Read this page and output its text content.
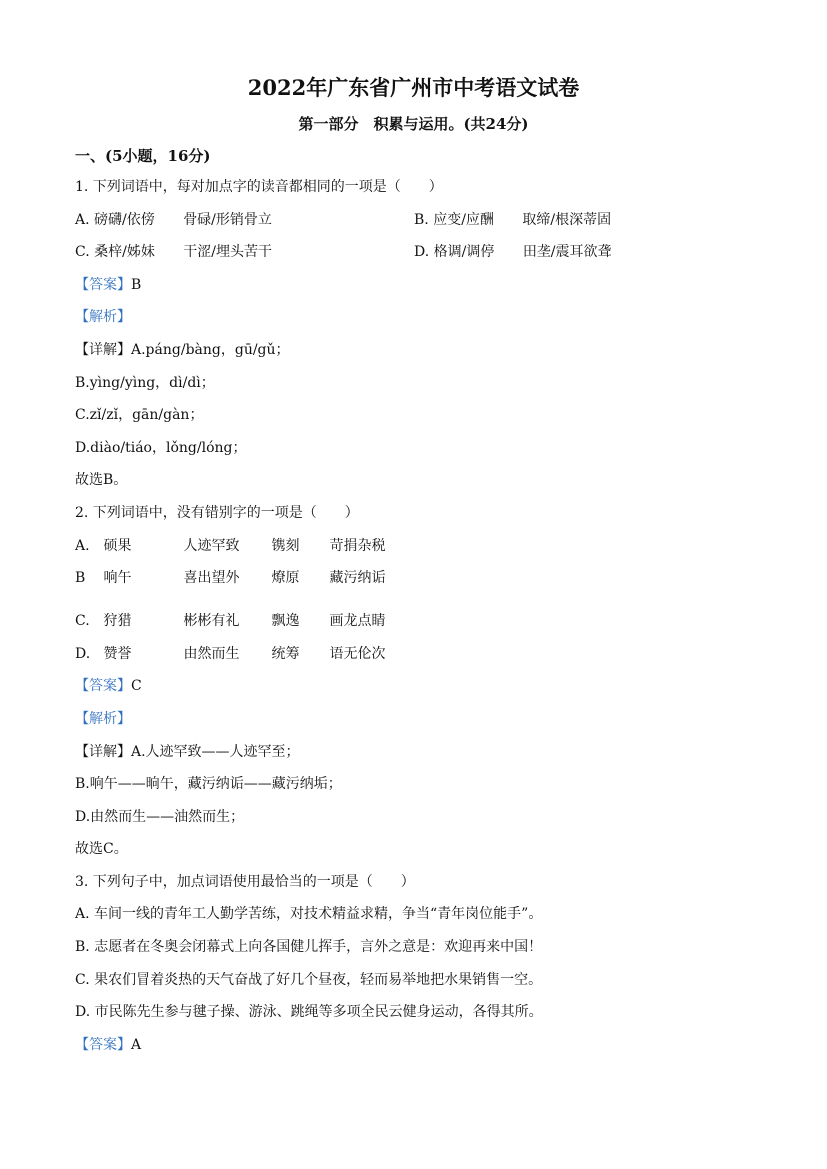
2022年广东省广州市中考语文试卷
第一部分　积累与运用。(共24分)
一、(5小题，16分)
1. 下列词语中，每对加点字的读音都相同的一项是（　　）
A. 磅礴/依傍 骨碌/形销骨立	B. 应变/应酬 取缔/根深蒂固
C. 桑梓/姊妹 干涩/埋头苦干	D. 格调/调停 田垄/震耳欲聋
【答案】B
【解析】
【详解】A.páng/bàng，gū/gǔ；
B.yìng/yìng，dì/dì；
C.zǐ/zǐ，gān/gàn；
D.diào/tiáo，lǒng/lóng；
故选B。
2. 下列词语中，没有错别字的一项是（　　）
A. 硕果	人迹罕致 镌刻 苛捐杂税
B 响午	喜出望外 燎原 藏污纳诟
C. 狩猎	彬彬有礼 飘逸 画龙点睛
D. 赞誉	由然而生 统筹 语无伦次
【答案】C
【解析】
【详解】A.人迹罕致——人迹罕至；
B.响午——晌午，藏污纳诟——藏污纳垢；
D.由然而生——油然而生；
故选C。
3. 下列句子中，加点词语使用最恰当的一项是（　　）
A. 车间一线的青年工人勤学苦练，对技术精益求精，争当“青年岗位能手”。
B. 志愿者在冬奥会闭幕式上向各国健儿挥手，言外之意是：欢迎再来中国！
C. 果农们冒着炎热的天气奋战了好几个昼夜，轻而易举地把水果销售一空。
D. 市民陈先生参与毽子操、游泳、跳绳等多项全民云健身运动，各得其所。
【答案】A
